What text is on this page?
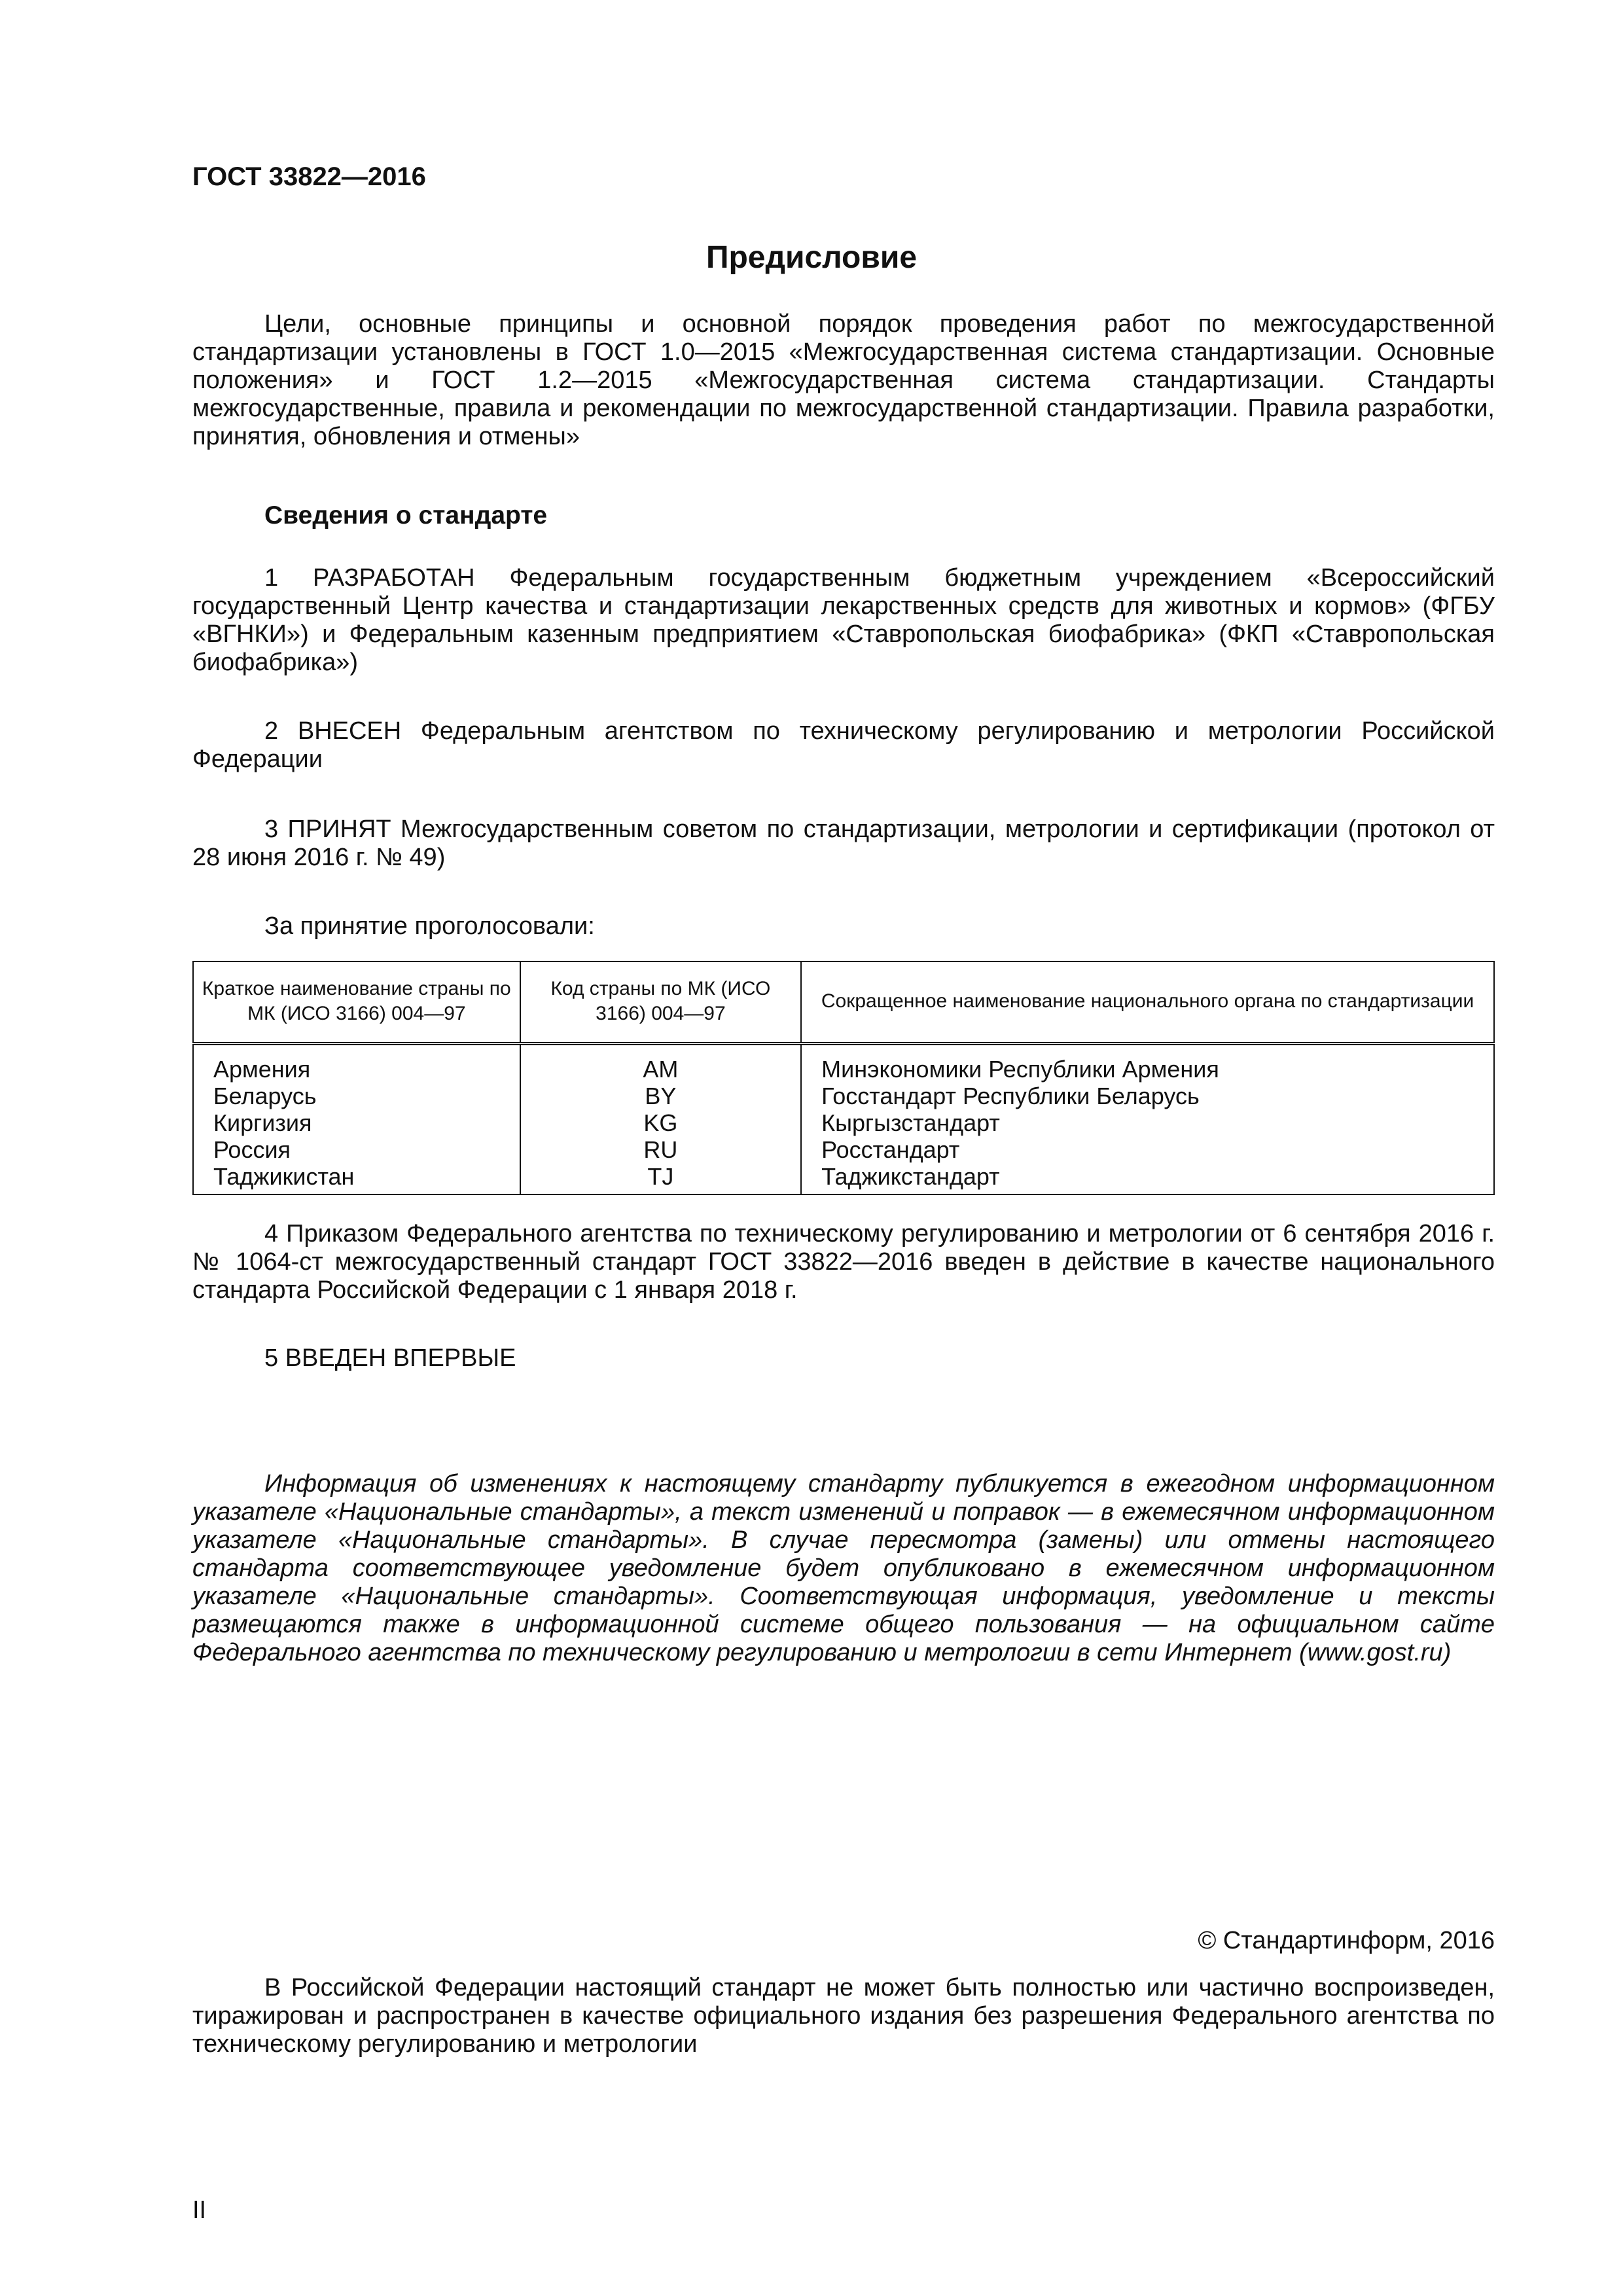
ГОСТ 33822—2016
Предисловие
Цели, основные принципы и основной порядок проведения работ по межгосударственной стандартизации установлены в ГОСТ 1.0—2015 «Межгосударственная система стандартизации. Основные положения» и ГОСТ 1.2—2015 «Межгосударственная система стандартизации. Стандарты межгосударственные, правила и рекомендации по межгосударственной стандартизации. Правила разработки, принятия, обновления и отмены»
Сведения о стандарте
1 РАЗРАБОТАН Федеральным государственным бюджетным учреждением «Всероссийский государственный Центр качества и стандартизации лекарственных средств для животных и кормов» (ФГБУ «ВГНКИ») и Федеральным казенным предприятием «Ставропольская биофабрика» (ФКП «Ставропольская биофабрика»)
2 ВНЕСЕН Федеральным агентством по техническому регулированию и метрологии Российской Федерации
3 ПРИНЯТ Межгосударственным советом по стандартизации, метрологии и сертификации (протокол от 28 июня 2016 г. № 49)
За принятие проголосовали:
Краткое наименование страны по МК (ИСО 3166) 004—97	Код страны по МК (ИСО 3166) 004—97	Сокращенное наименование национального органа по стандартизации
Армения	AM	Минэкономики Республики Армения
Беларусь	BY	Госстандарт Республики Беларусь
Киргизия	KG	Кыргызстандарт
Россия	RU	Росстандарт
Таджикистан	TJ	Таджикстандарт
4 Приказом Федерального агентства по техническому регулированию и метрологии от 6 сентября 2016 г. № 1064-ст межгосударственный стандарт ГОСТ 33822—2016 введен в действие в качестве национального стандарта Российской Федерации с 1 января 2018 г.
5 ВВЕДЕН ВПЕРВЫЕ
Информация об изменениях к настоящему стандарту публикуется в ежегодном информационном указателе «Национальные стандарты», а текст изменений и поправок — в ежемесячном информационном указателе «Национальные стандарты». В случае пересмотра (замены) или отмены настоящего стандарта соответствующее уведомление будет опубликовано в ежемесячном информационном указателе «Национальные стандарты». Соответствующая информация, уведомление и тексты размещаются также в информационной системе общего пользования — на официальном сайте Федерального агентства по техническому регулированию и метрологии в сети Интернет (www.gost.ru)
© Стандартинформ, 2016
В Российской Федерации настоящий стандарт не может быть полностью или частично воспроизведен, тиражирован и распространен в качестве официального издания без разрешения Федерального агентства по техническому регулированию и метрологии
II
